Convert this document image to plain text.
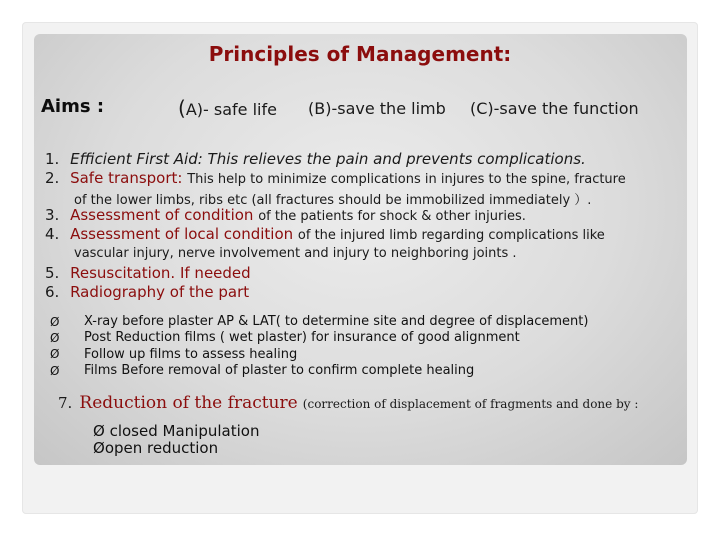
Principles of Management:
Aims :	(A)- safe life (B)-save the limb (C)-save the function
1. Efficient First Aid: This relieves the pain and prevents complications.
2. Safe transport: This help to minimize complications in injures to the spine, fracture
of the lower limbs, ribs etc (all fractures should be immobilized immediately ）.
3. Assessment of condition of the patients for shock & other injuries.
4. Assessment of local condition of the injured limb regarding complications like
vascular injury, nerve involvement and injury to neighboring joints .
5. Resuscitation. If needed
6. Radiography of the part
Ø
Ø
Ø
Ø
X-ray before plaster AP & LAT( to determine site and degree of displacement)
Post Reduction films ( wet plaster) for insurance of good alignment
Follow up films to assess healing
Films Before removal of plaster to confirm complete healing
7. Reduction of the fracture (correction of displacement of fragments and done by :
Ø closed Manipulation
Øopen reduction
